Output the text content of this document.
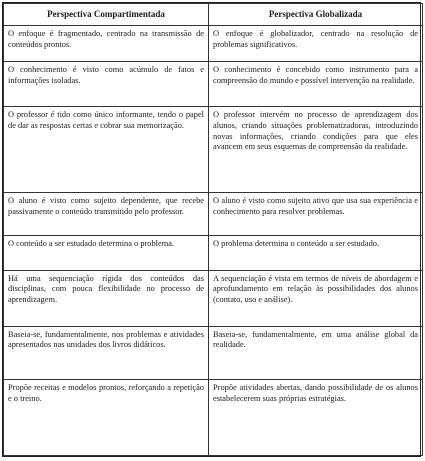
Perspectiva Compartimentada	Perspectiva Globalizada
O enfoque é fragmentado, centrado na transmissão de conteúdos prontos.	O enfoque é globalizador, centrado na resolução de problemas significativos.
O conhecimento é visto como acúmulo de fatos e informações isoladas.	O conhecimento é concebido como instrumento para a compreensão do mundo e possível intervenção na realidade.
O professor é tido como único informante, tendo o papel de dar as respostas certas e cobrar sua memorização.	O professor intervém no processo de aprendizagem dos alunos, criando situações problematizadoras, introduzindo novas informações, criando condições para que eles avancem em seus esquemas de compreensão da realidade.
O aluno é visto como sujeito dependente, que recebe passivamente o conteúdo transmitido pelo professor.	O aluno é visto como sujeito ativo que usa sua experiência e conhecimento para resolver problemas.
O conteúdo a ser estudado determina o problema.	O problema determina o conteúdo a ser estudado.
Há uma sequenciação rígida dos conteúdos das disciplinas, com pouca flexibilidade no processo de aprendizagem.	A sequenciação é vista em termos de níveis de abordagem e aprofundamento em relação às possibilidades dos alunos (contato, uso e análise).
Baseia-se, fundamentalmente, nos problemas e atividades apresentados nas unidades dos livros didáticos.	Baseia-se, fundamentalmente, em uma análise global da realidade.
Propõe receitas e modelos prontos, reforçando a repetição e o treino.	Propõe atividades abertas, dando possibilidade de os alunos estabelecerem suas próprias estratégias.
